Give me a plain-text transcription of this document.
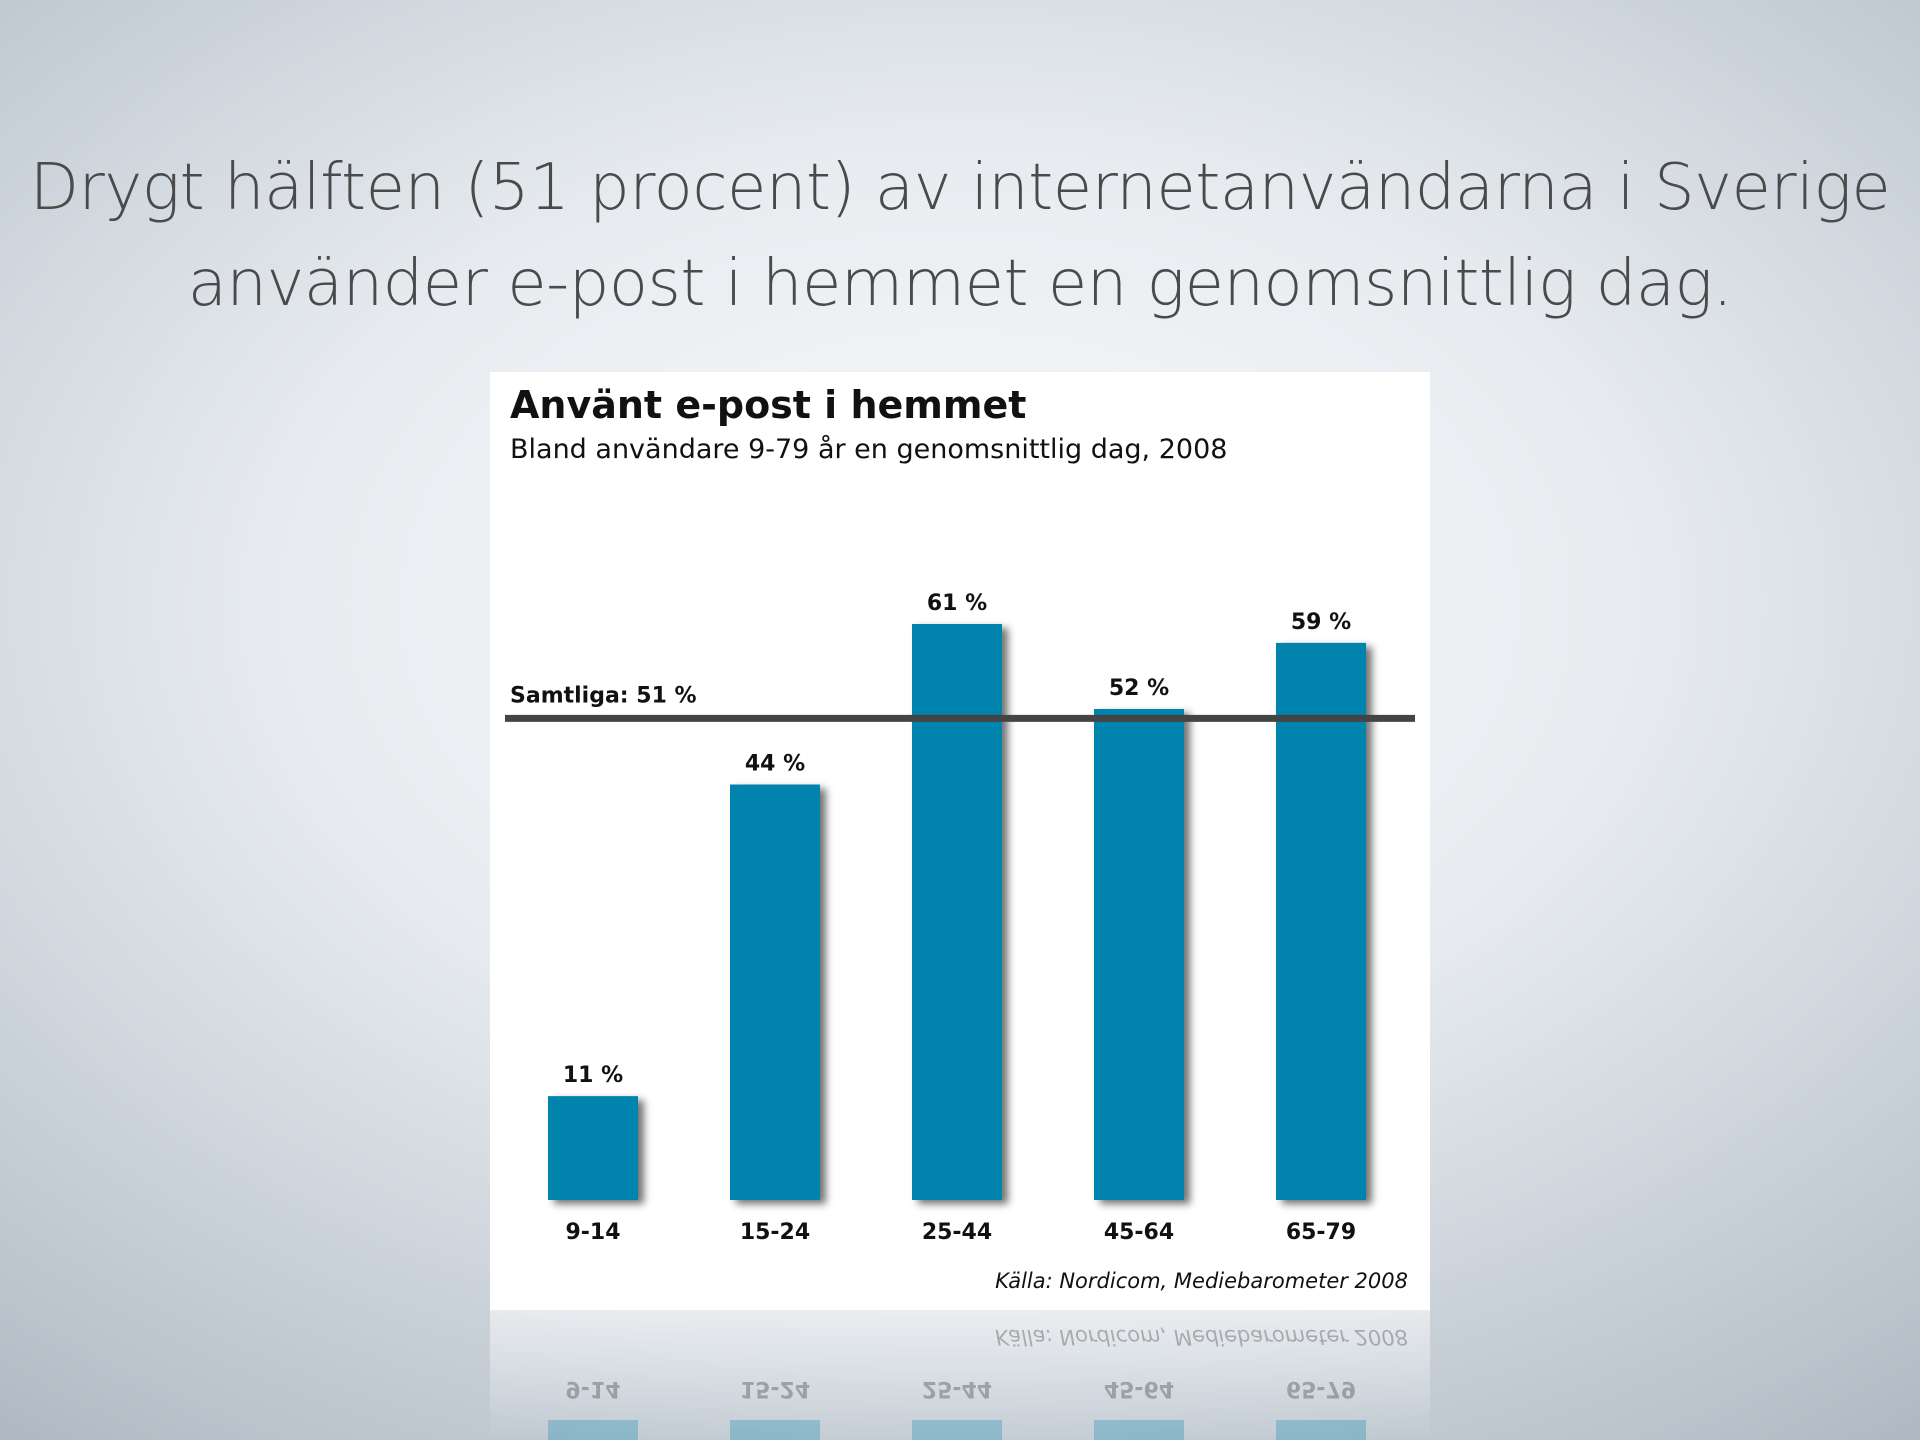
Drygt hälften (51 procent) av internetanvändarna i Sverige
använder e-post i hemmet en genomsnittlig dag.
Använt e-post i hemmet
Bland användare 9-79 år en genomsnittlig dag, 2008
Samtliga: 51 %
11 %
9-14
44 %
15-24
61 %
25-44
52 %
45-64
59 %
65-79
Källa: Nordicom, Mediebarometer 2008
9-14	15-24	25-44	45-64	65-79
Källa: Nordicom, Mediebarometer 2008
